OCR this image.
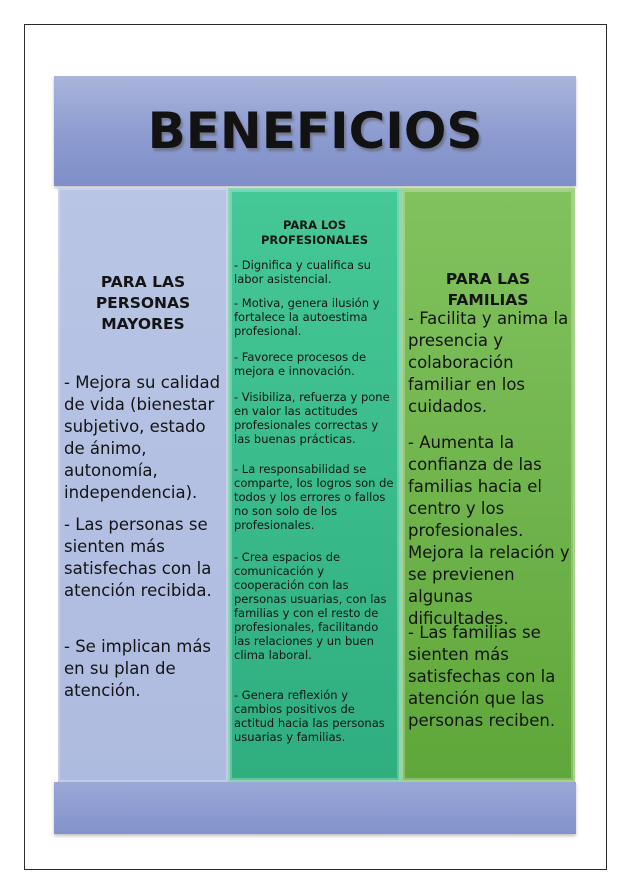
BENEFICIOS
PARA LAS PERSONAS MAYORES

- Mejora su calidad de vida (bienestar subjetivo, estado de ánimo, autonomía, independencia).

- Las personas se sienten más satisfechas con la atención recibida.

- Se implican más en su plan de atención.

PARA LOS PROFESIONALES

- Dignifica y cualifica su labor asistencial.

- Motiva, genera ilusión y fortalece la autoestima profesional.

- Favorece procesos de mejora e innovación.

- Visibiliza, refuerza y pone en valor las actitudes profesionales correctas y las buenas prácticas.

- La responsabilidad se comparte, los logros son de todos y los errores o fallos no son solo de los profesionales.

- Crea espacios de comunicación y cooperación con las personas usuarias, con las familias y con el resto de profesionales, facilitando las relaciones y un buen clima laboral.

- Genera reflexión y cambios positivos de actitud hacia las personas usuarias y familias.

PARA LAS FAMILIAS

- Facilita y anima la presencia y colaboración familiar en los cuidados.

- Aumenta la confianza de las familias hacia el centro y los profesionales. Mejora la relación y se previenen algunas dificultades.

- Las familias se sienten más satisfechas con la atención que las personas reciben.
